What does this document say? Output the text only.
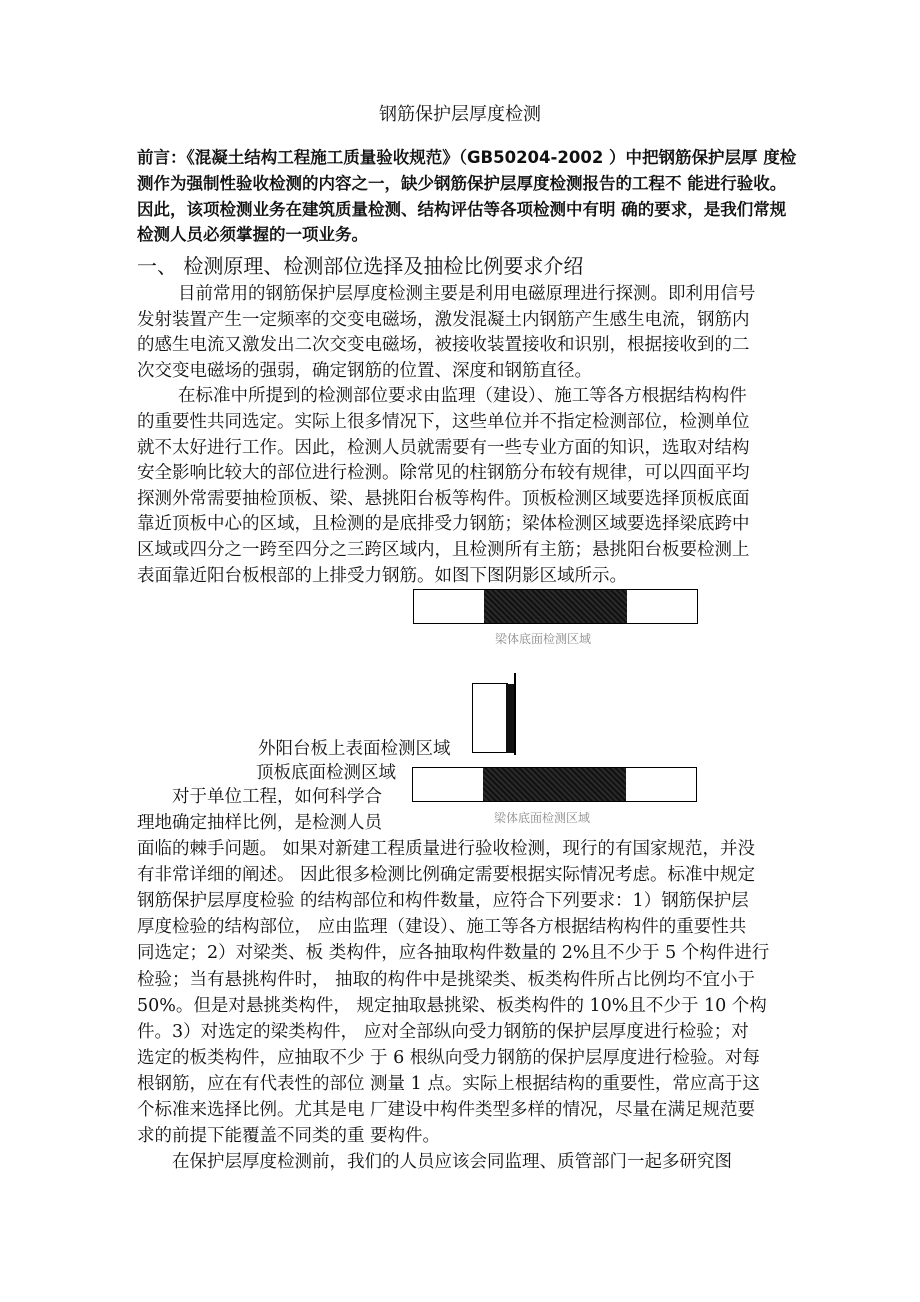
钢筋保护层厚度检测
前言：《混凝土结构工程施工质量验收规范》（GB50204-2002 ）中把钢筋保护层厚 度检
测作为强制性验收检测的内容之一，缺少钢筋保护层厚度检测报告的工程不 能进行验收。
因此，该项检测业务在建筑质量检测、结构评估等各项检测中有明 确的要求，是我们常规
检测人员必须掌握的一项业务。
一、 检测原理、检测部位选择及抽检比例要求介绍
目前常用的钢筋保护层厚度检测主要是利用电磁原理进行探测。即利用信号
发射装置产生一定频率的交变电磁场，激发混凝土内钢筋产生感生电流，钢筋内
的感生电流又激发出二次交变电磁场，被接收装置接收和识别，根据接收到的二
次交变电磁场的强弱，确定钢筋的位置、深度和钢筋直径。
在标准中所提到的检测部位要求由监理（建设）、施工等各方根据结构构件
的重要性共同选定。实际上很多情况下，这些单位并不指定检测部位，检测单位
就不太好进行工作。因此，检测人员就需要有一些专业方面的知识，选取对结构
安全影响比较大的部位进行检测。除常见的柱钢筋分布较有规律，可以四面平均
探测外常需要抽检顶板、梁、悬挑阳台板等构件。顶板检测区域要选择顶板底面
靠近顶板中心的区域，且检测的是底排受力钢筋；梁体检测区域要选择梁底跨中
区域或四分之一跨至四分之三跨区域内，且检测所有主筋；悬挑阳台板要检测上
表面靠近阳台板根部的上排受力钢筋。如图下图阴影区域所示。
梁体底面检测区域
外阳台板上表面检测区域
顶板底面检测区域
梁体底面检测区域
对于单位工程，如何科学合
理地确定抽样比例，是检测人员
面临的棘手问题。 如果对新建工程质量进行验收检测，现行的有国家规范，并没
有非常详细的阐述。 因此很多检测比例确定需要根据实际情况考虑。标准中规定
钢筋保护层厚度检验 的结构部位和构件数量，应符合下列要求：1）钢筋保护层
厚度检验的结构部位， 应由监理（建设）、施工等各方根据结构构件的重要性共
同选定；2）对梁类、板 类构件，应各抽取构件数量的 2%且不少于 5 个构件进行
检验；当有悬挑构件时， 抽取的构件中是挑梁类、板类构件所占比例均不宜小于
50%。但是对悬挑类构件， 规定抽取悬挑梁、板类构件的 10%且不少于 10 个构
件。3）对选定的梁类构件， 应对全部纵向受力钢筋的保护层厚度进行检验；对
选定的板类构件，应抽取不少 于 6 根纵向受力钢筋的保护层厚度进行检验。对每
根钢筋，应在有代表性的部位 测量 1 点。实际上根据结构的重要性，常应高于这
个标准来选择比例。尤其是电 厂建设中构件类型多样的情况，尽量在满足规范要
求的前提下能覆盖不同类的重 要构件。
在保护层厚度检测前，我们的人员应该会同监理、质管部门一起多研究图
